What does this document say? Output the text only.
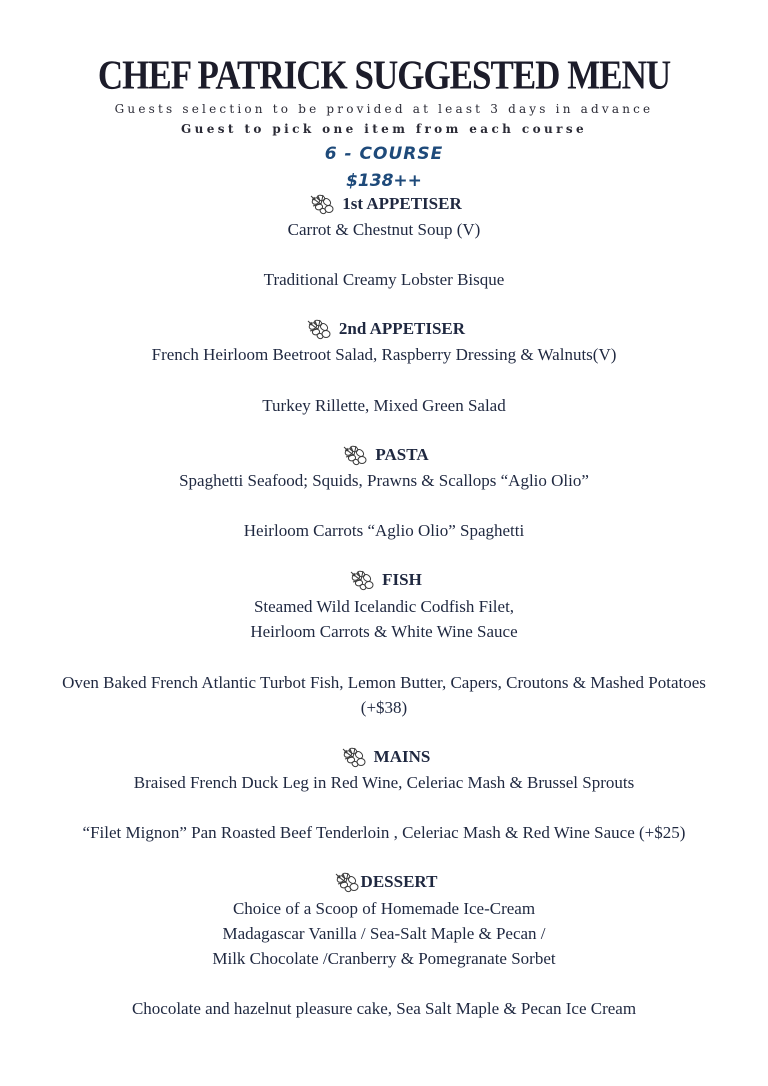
CHEF PATRICK SUGGESTED MENU
Guests selection to be provided at least 3 days in advance
Guest to pick one item from each course
6 - COURSE
$138++
1st APPETISER
Carrot & Chestnut Soup (V)
Traditional Creamy Lobster Bisque
2nd APPETISER
French Heirloom Beetroot Salad, Raspberry Dressing & Walnuts(V)
Turkey Rillette, Mixed Green Salad
PASTA
Spaghetti Seafood; Squids, Prawns & Scallops “Aglio Olio”
Heirloom Carrots “Aglio Olio” Spaghetti
FISH
Steamed Wild Icelandic Codfish Filet,
Heirloom Carrots & White Wine Sauce
Oven Baked French Atlantic Turbot Fish, Lemon Butter, Capers, Croutons & Mashed Potatoes
(+$38)
MAINS
Braised French Duck Leg in Red Wine, Celeriac Mash & Brussel Sprouts
“Filet Mignon” Pan Roasted Beef Tenderloin , Celeriac Mash & Red Wine Sauce (+$25)
DESSERT
Choice of a Scoop of Homemade Ice-Cream
Madagascar Vanilla / Sea-Salt Maple & Pecan /
Milk Chocolate /Cranberry & Pomegranate Sorbet
Chocolate and hazelnut pleasure cake, Sea Salt Maple & Pecan Ice Cream
